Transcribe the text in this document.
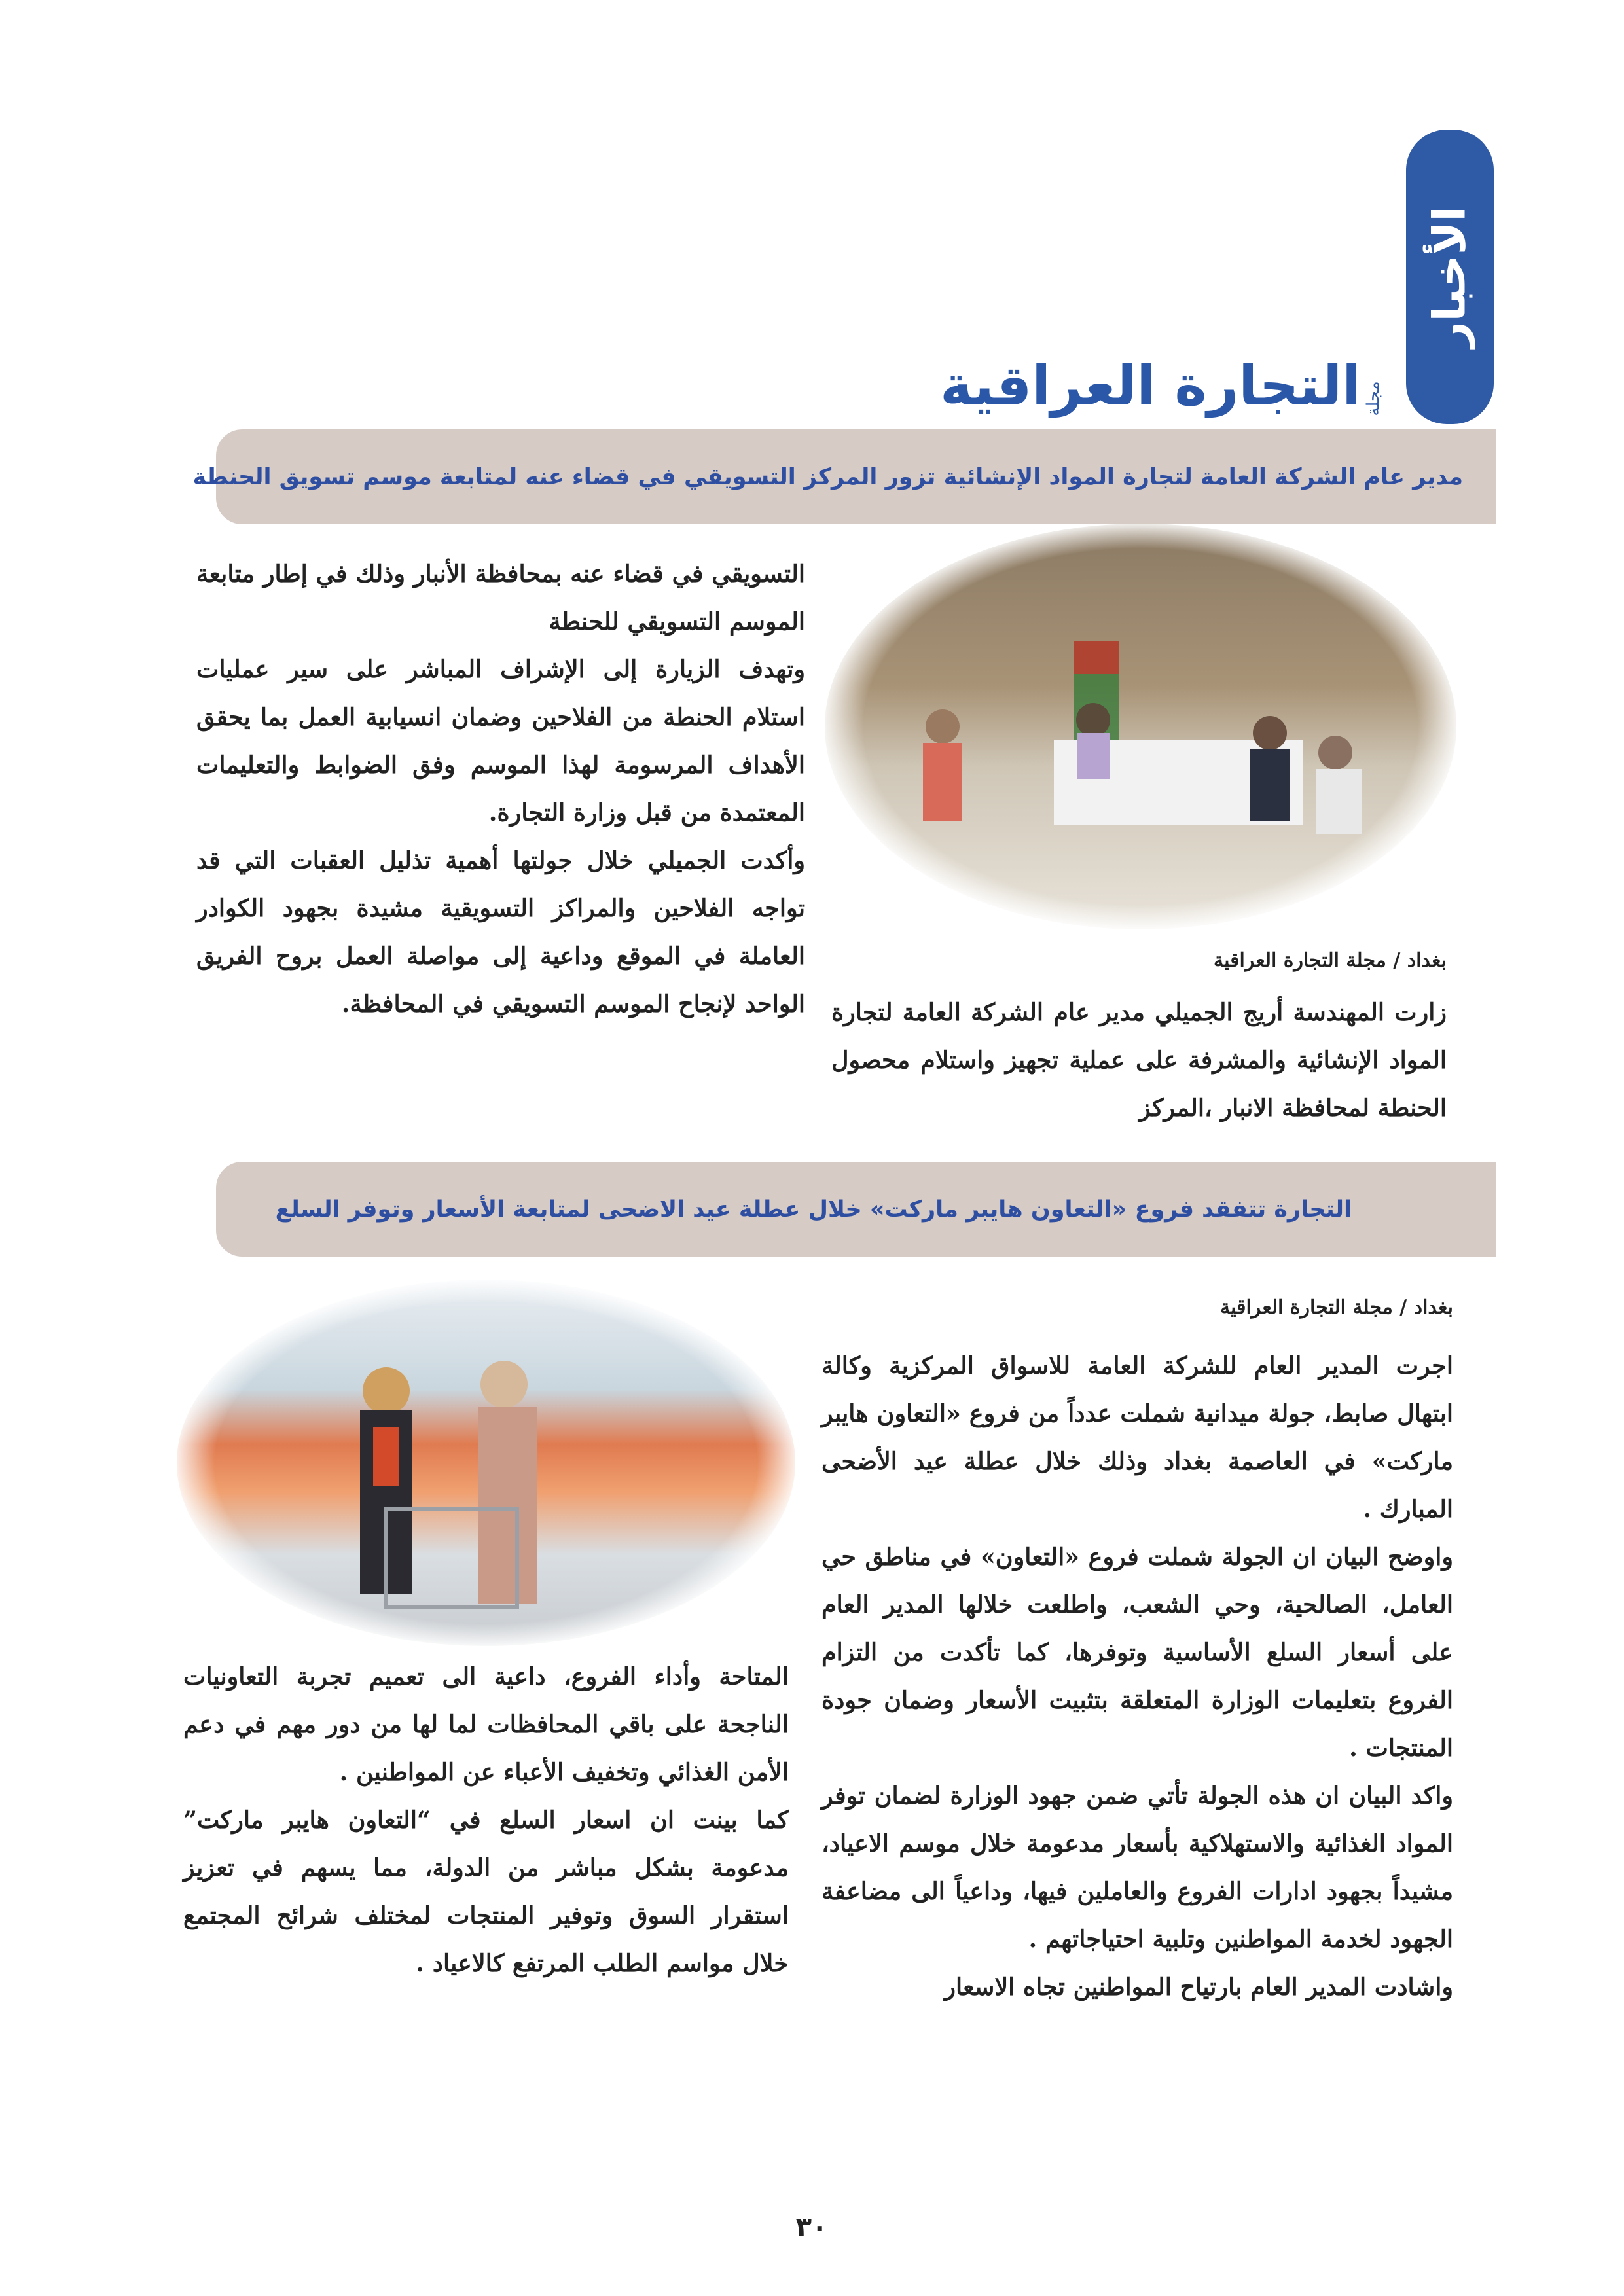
الأخبار
التجارة العراقية مجلة
مدير عام الشركة العامة لتجارة المواد الإنشائية تزور المركز التسويقي في قضاء عنه لمتابعة موسم تسويق الحنطة

التسويقي في قضاء عنه بمحافظة الأنبار وذلك في إطار متابعة الموسم التسويقي للحنطة

وتهدف الزيارة إلى الإشراف المباشر على سير عمليات استلام الحنطة من الفلاحين وضمان انسيابية العمل بما يحقق الأهداف المرسومة لهذا الموسم وفق الضوابط والتعليمات المعتمدة من قبل وزارة التجارة.

وأكدت الجميلي خلال جولتها أهمية تذليل العقبات التي قد تواجه الفلاحين والمراكز التسويقية مشيدة بجهود الكوادر العاملة في الموقع وداعية إلى مواصلة العمل بروح الفريق الواحد لإنجاح الموسم التسويقي في المحافظة.

بغداد / مجلة التجارة العراقية

زارت المهندسة أريج الجميلي مدير عام الشركة العامة لتجارة المواد الإنشائية والمشرفة على عملية تجهيز واستلام محصول الحنطة لمحافظة الانبار ،المركز

التجارة تتفقد فروع «التعاون هايبر ماركت» خلال عطلة عيد الاضحى لمتابعة الأسعار وتوفر السلع
بغداد / مجلة التجارة العراقية

اجرت المدير العام للشركة العامة للاسواق المركزية وكالة ابتهال صابط، جولة ميدانية شملت عدداً من فروع «التعاون هايبر ماركت» في العاصمة بغداد وذلك خلال عطلة عيد الأضحى المبارك .

واوضح البيان ان الجولة شملت فروع «التعاون» في مناطق حي العامل، الصالحية، وحي الشعب، واطلعت خلالها المدير العام على أسعار السلع الأساسية وتوفرها، كما تأكدت من التزام الفروع بتعليمات الوزارة المتعلقة بتثبيت الأسعار وضمان جودة المنتجات .

واكد البيان ان هذه الجولة تأتي ضمن جهود الوزارة لضمان توفر المواد الغذائية والاستهلاكية بأسعار مدعومة خلال موسم الاعياد، مشيداً بجهود ادارات الفروع والعاملين فيها، وداعياً الى مضاعفة الجهود لخدمة المواطنين وتلبية احتياجاتهم .

واشادت المدير العام بارتياح المواطنين تجاه الاسعار

المتاحة وأداء الفروع، داعية الى تعميم تجربة التعاونيات الناجحة على باقي المحافظات لما لها من دور مهم في دعم الأمن الغذائي وتخفيف الأعباء عن المواطنين .

كما بينت ان اسعار السلع في “التعاون هايبر ماركت” مدعومة بشكل مباشر من الدولة، مما يسهم في تعزيز استقرار السوق وتوفير المنتجات لمختلف شرائح المجتمع خلال مواسم الطلب المرتفع كالاعياد .

٣٠
